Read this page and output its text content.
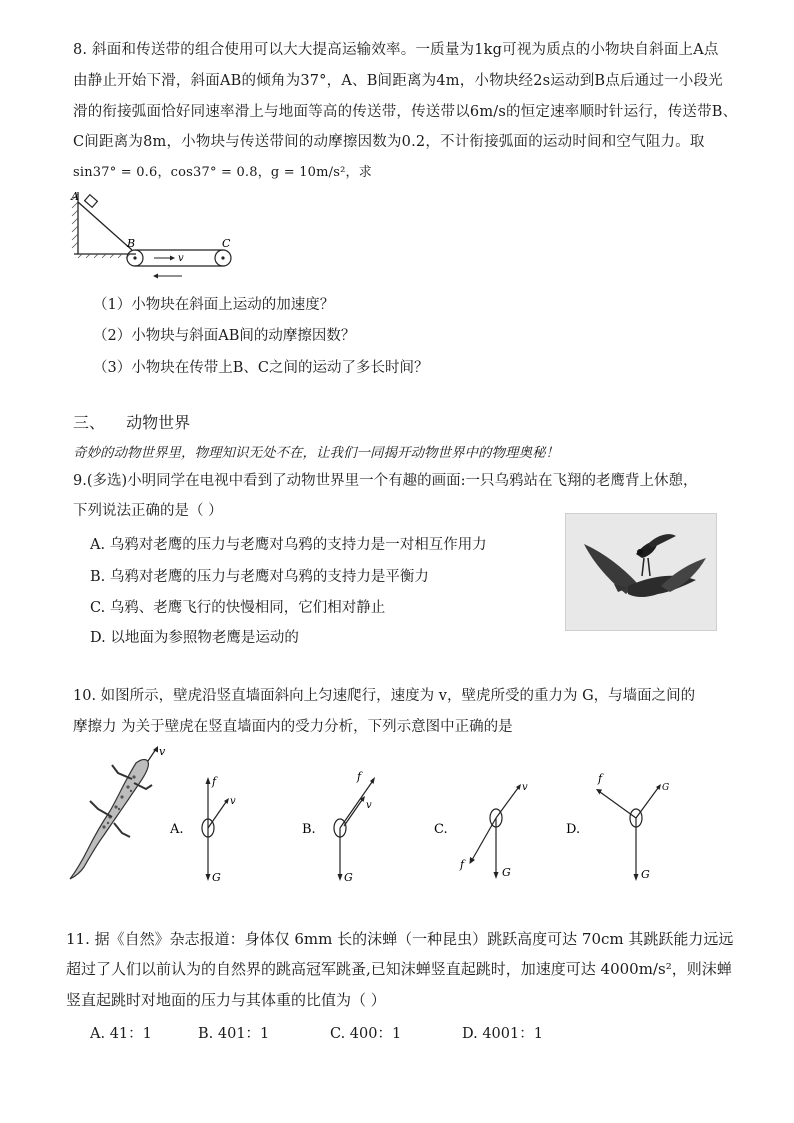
8. 斜面和传送带的组合使用可以大大提高运输效率。一质量为1kg可视为质点的小物块自斜面上A点
由静止开始下滑，斜面AB的倾角为37°，A、B间距离为4m，小物块经2s运动到B点后通过一小段光
滑的衔接弧面恰好同速率滑上与地面等高的传送带，传送带以6m/s的恒定速率顺时针运行，传送带B、
C间距离为8m，小物块与传送带间的动摩擦因数为0.2，不计衔接弧面的运动时间和空气阻力。取
sin37° = 0.6，cos37° = 0.8，g = 10m/s²，求
A
B	C
v
（1）小物块在斜面上运动的加速度？
（2）小物块与斜面AB间的动摩擦因数？
（3）小物块在传带上B、C之间的运动了多长时间？
三、 动物世界
奇妙的动物世界里，物理知识无处不在，让我们一同揭开动物世界中的物理奥秘！
9.(多选)小明同学在电视中看到了动物世界里一个有趣的画面:一只乌鸦站在飞翔的老鹰背上休憩，
下列说法正确的是（ ）
A. 乌鸦对老鹰的压力与老鹰对乌鸦的支持力是一对相互作用力
B. 乌鸦对老鹰的压力与老鹰对乌鸦的支持力是平衡力
C. 乌鸦、老鹰飞行的快慢相同，它们相对静止
D. 以地面为参照物老鹰是运动的
10. 如图所示，壁虎沿竖直墙面斜向上匀速爬行，速度为 v，壁虎所受的重力为 G，与墙面之间的
摩擦力 为关于壁虎在竖直墙面内的受力分析，下列示意图中正确的是
v
A.
f
G
v
B.
f
v
G
C.
v
f
G
D.
f
G
G
11. 据《自然》杂志报道：身体仅 6mm 长的沫蝉（一种昆虫）跳跃高度可达 70cm 其跳跃能力远远
超过了人们以前认为的自然界的跳高冠军跳蚤,已知沫蝉竖直起跳时，加速度可达 4000m/s²，则沫蝉
竖直起跳时对地面的压力与其体重的比值为（ ）
A. 41：1	B. 401：1	C. 400：1	D. 4001：1
